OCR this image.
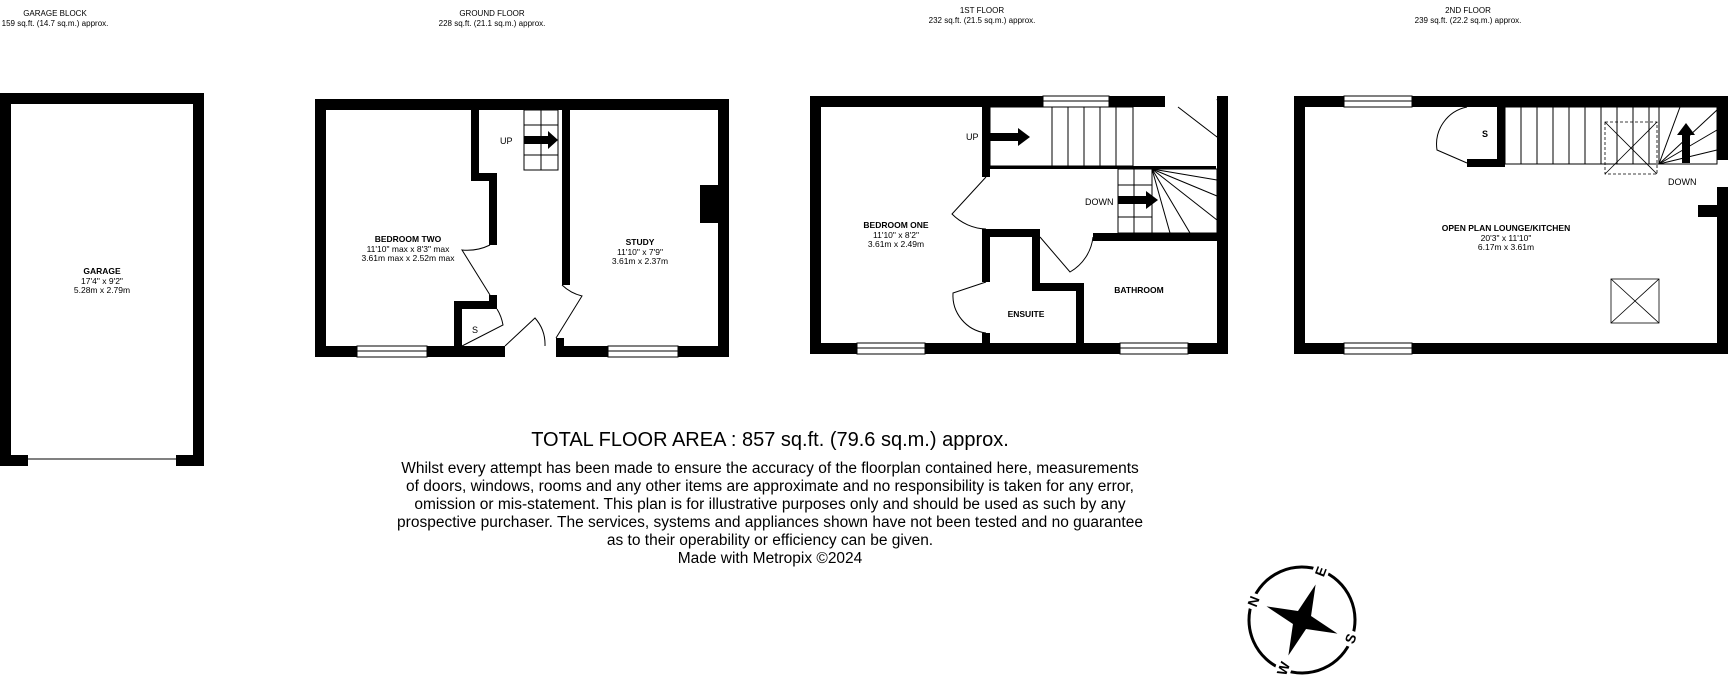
GARAGE BLOCK
159 sq.ft. (14.7 sq.m.) approx.
GROUND FLOOR
228 sq.ft. (21.1 sq.m.) approx.
1ST FLOOR
232 sq.ft. (21.5 sq.m.) approx.
2ND FLOOR
239 sq.ft. (22.2 sq.m.) approx.
GARAGE
17'4" x 9'2"
5.28m x 2.79m
UP
BEDROOM TWO
11'10" max x 8'3" max
3.61m max x 2.52m max
STUDY
11'10" x 7'9"
3.61m x 2.37m
S
UP
DOWN
BEDROOM ONE
11'10" x 8'2"
3.61m x 2.49m
ENSUITE
BATHROOM
S
DOWN
OPEN PLAN LOUNGE/KITCHEN
20'3" x 11'10"
6.17m x 3.61m
N
S
E
W
TOTAL FLOOR AREA : 857 sq.ft. (79.6 sq.m.) approx.
Whilst every attempt has been made to ensure the accuracy of the floorplan contained here, measurements
of doors, windows, rooms and any other items are approximate and no responsibility is taken for any error,
omission or mis-statement. This plan is for illustrative purposes only and should be used as such by any
prospective purchaser. The services, systems and appliances shown have not been tested and no guarantee
as to their operability or efficiency can be given.
Made with Metropix ©2024
